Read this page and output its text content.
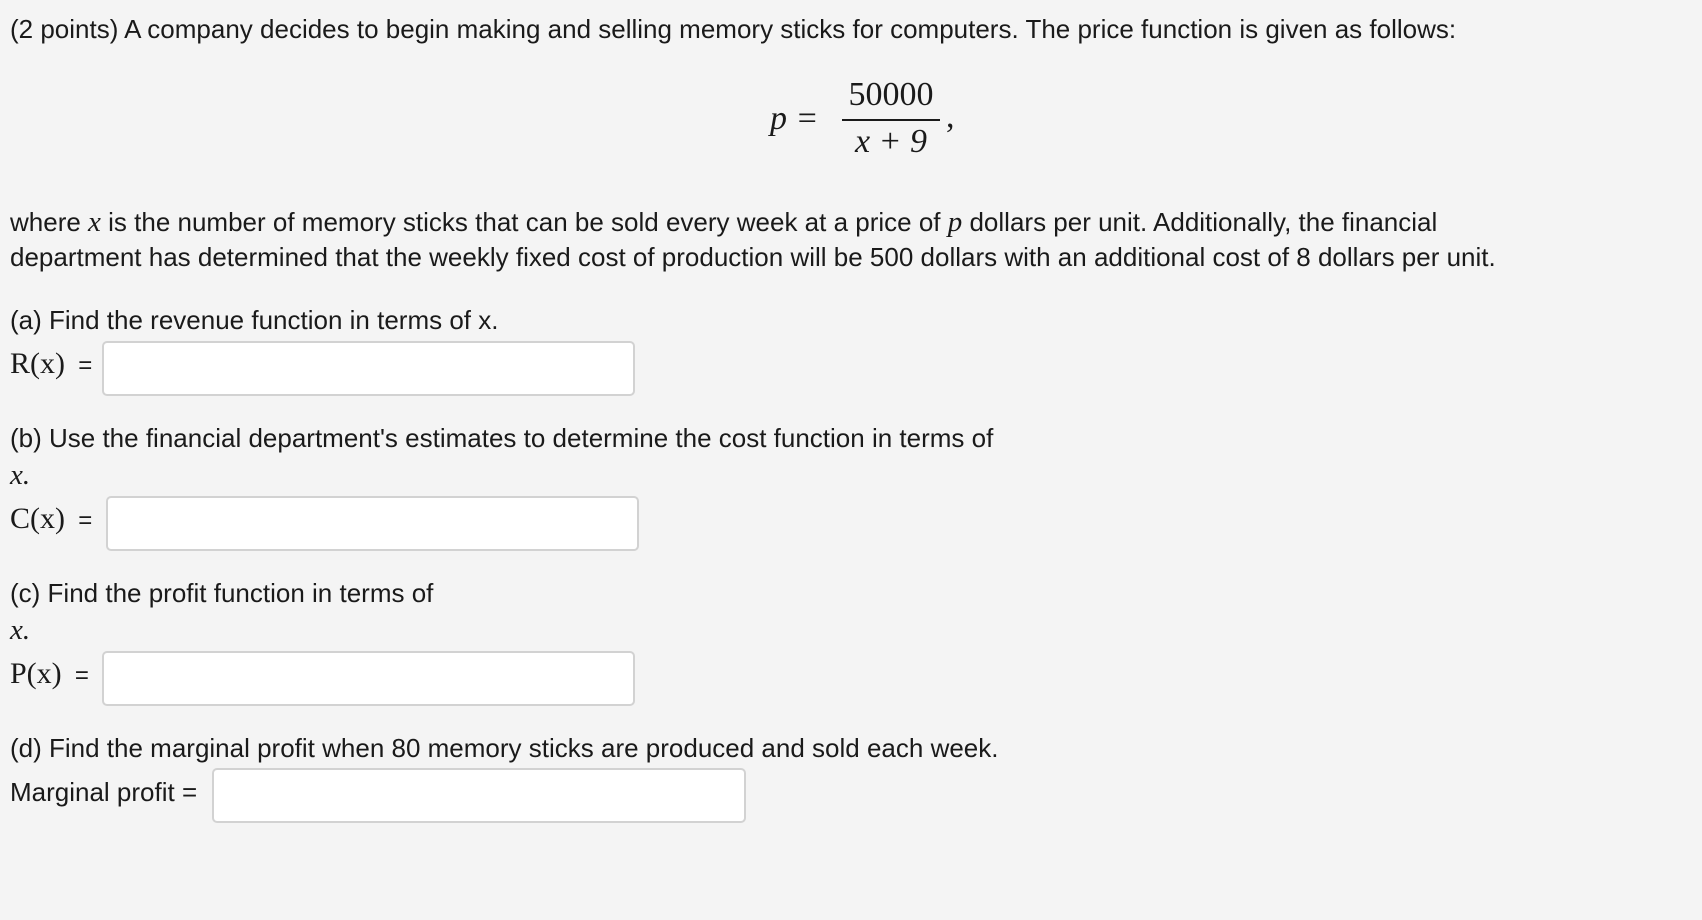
(2 points) A company decides to begin making and selling memory sticks for computers. The price function is given as follows:
p =
50000
x + 9
,
where x is the number of memory sticks that can be sold every week at a price of p dollars per unit. Additionally, the financial
department has determined that the weekly fixed cost of production will be 500 dollars with an additional cost of 8 dollars per unit.
(a) Find the revenue function in terms of x.
R(x) =
(b) Use the financial department's estimates to determine the cost function in terms of
x.
C(x) =
(c) Find the profit function in terms of
x.
P(x) =
(d) Find the marginal profit when 80 memory sticks are produced and sold each week.
Marginal profit =
